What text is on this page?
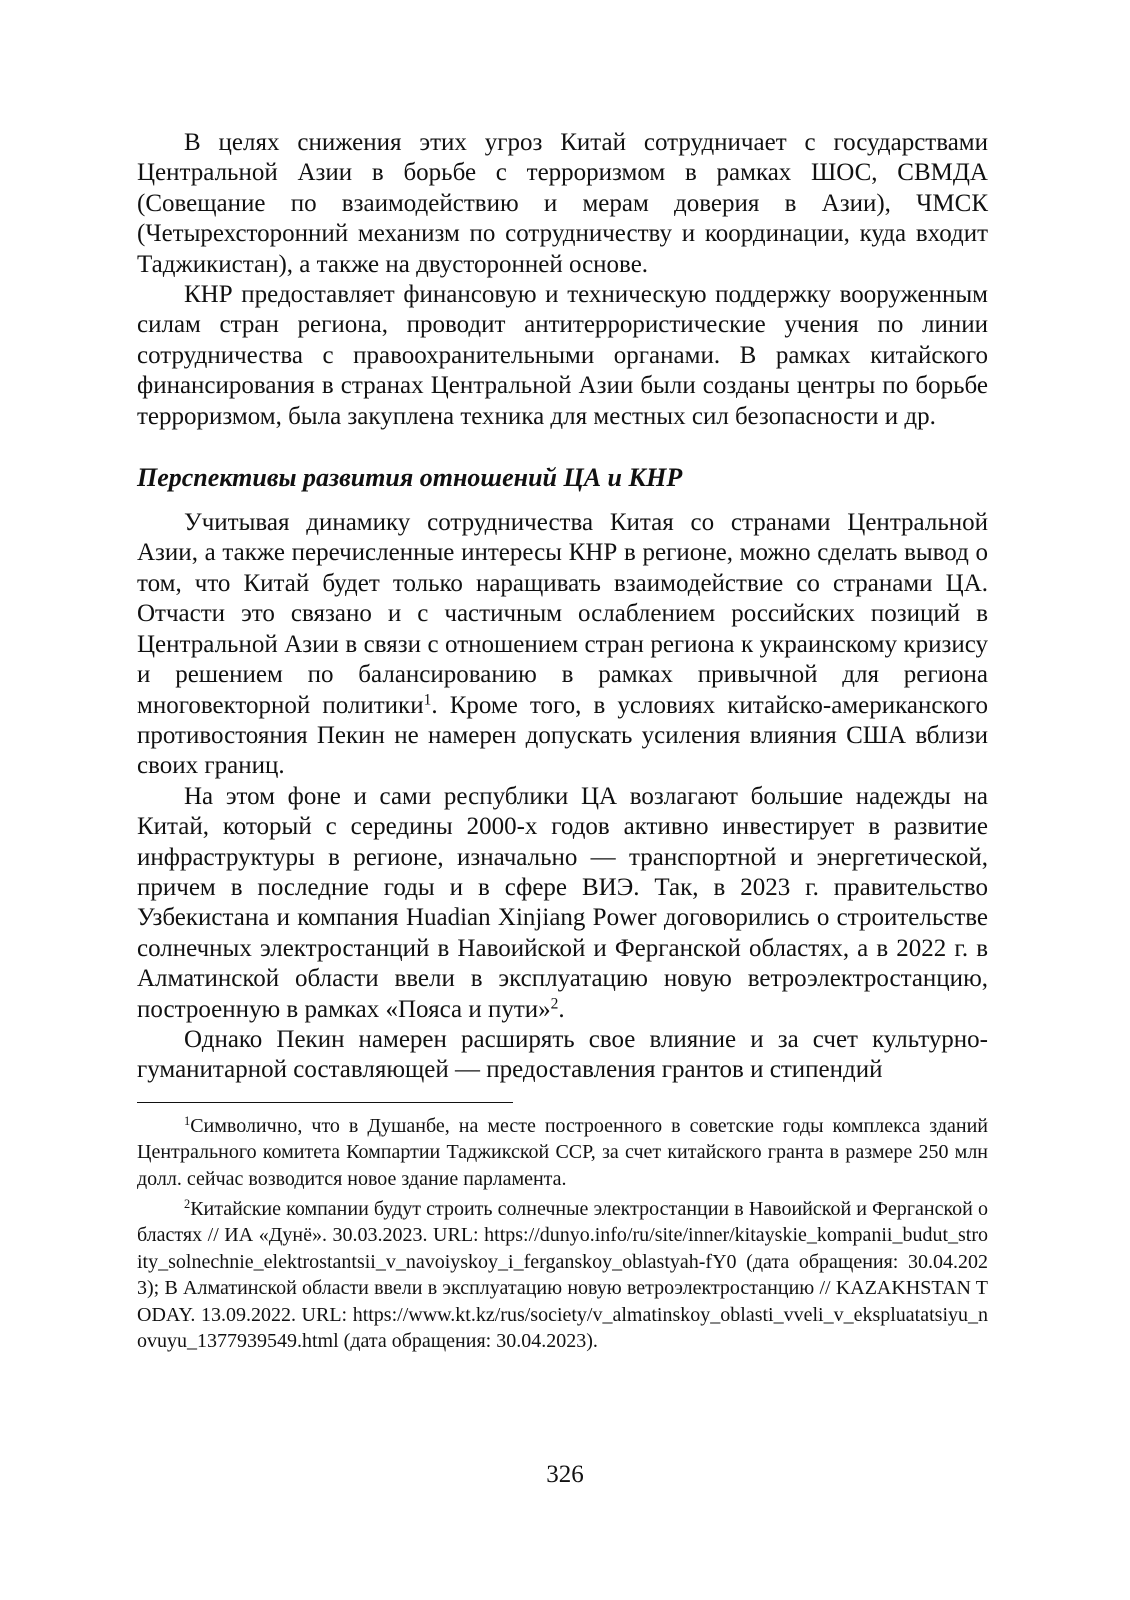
В целях снижения этих угроз Китай сотрудничает с государствами Центральной Азии в борьбе с терроризмом в рамках ШОС, СВМДА (Совещание по взаимодействию и мерам доверия в Азии), ЧМСК (Четырехсторонний механизм по сотрудничеству и координации, куда входит Таджикистан), а также на двусторонней основе.

КНР предоставляет финансовую и техническую поддержку вооруженным силам стран региона, проводит антитеррористические учения по линии сотрудничества с правоохранительными органами. В рамках китайского финансирования в странах Центральной Азии были созданы центры по борьбе терроризмом, была закуплена техника для местных сил безопасности и др.

Перспективы развития отношений ЦА и КНР

Учитывая динамику сотрудничества Китая со странами Центральной Азии, а также перечисленные интересы КНР в регионе, можно сделать вывод о том, что Китай будет только наращивать взаимодействие со странами ЦА. Отчасти это связано и с частичным ослаблением российских позиций в Центральной Азии в связи с отношением стран региона к украинскому кризису и решением по балансированию в рамках привычной для региона многовекторной политики$^1$. Кроме того, в условиях китайско-американского противостояния Пекин не намерен допускать усиления влияния США вблизи своих границ.

На этом фоне и сами республики ЦА возлагают большие надежды на Китай, который с середины 2000-х годов активно инвестирует в развитие инфраструктуры в регионе, изначально — транспортной и энергетической, причем в последние годы и в сфере ВИЭ. Так, в 2023 г. правительство Узбекистана и компания Huadian Xinjiang Power договорились о строительстве солнечных электростанций в Навоийской и Ферганской областях, а в 2022 г. в Алматинской области ввели в эксплуатацию новую ветроэлектростанцию, построенную в рамках «Пояса и пути»$^2$.

Однако Пекин намерен расширять свое влияние и за счет культурно-гуманитарной составляющей — предоставления грантов и стипендий

$^1$Символично, что в Душанбе, на месте построенного в советские годы комплекса зданий Центрального комитета Компартии Таджикской ССР, за счет китайского гранта в размере 250 млн долл. сейчас возводится новое здание парламента.

$^2$Китайские компании будут строить солнечные электростанции в Навоийской и Ферганской областях // ИА «Дунё». 30.03.2023. URL: https://dunyo.info/ru/site/inner/kitayskie_kompanii_budut_stroity_solnechnie_elektrostantsii_v_navoiyskoy_i_ferganskoy_oblastyah-fY0 (дата обращения: 30.04.2023); В Алматинской области ввели в эксплуатацию новую ветроэлектростанцию // KAZAKHSTAN TODAY. 13.09.2022. URL: https://www.kt.kz/rus/society/v_almatinskoy_oblasti_vveli_v_ekspluatatsiyu_novuyu_1377939549.html (дата обращения: 30.04.2023).

326
